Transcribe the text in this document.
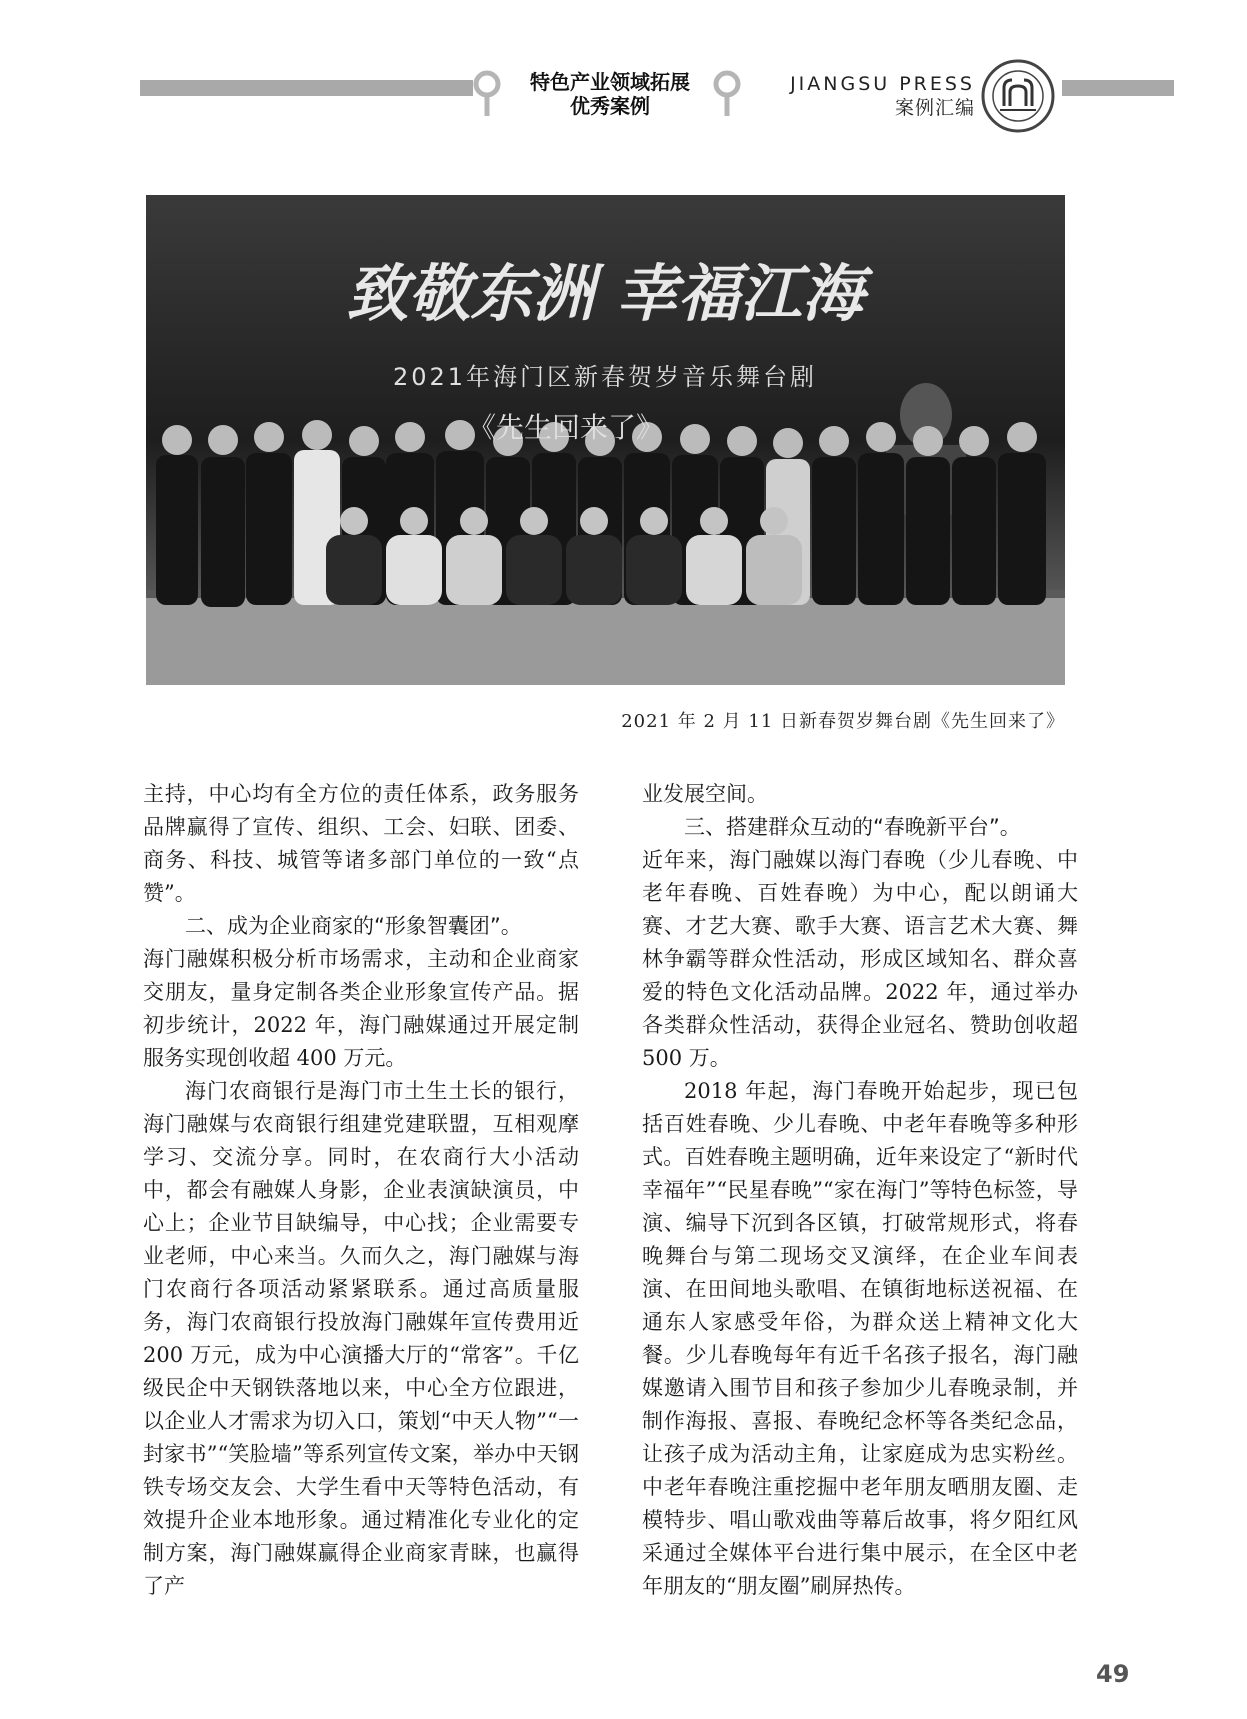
特色产业领域拓展
优秀案例
JIANGSU PRESS
案例汇编
致敬东洲 幸福江海
2021年海门区新春贺岁音乐舞台剧
《先生回来了》
2021 年 2 月 11 日新春贺岁舞台剧《先生回来了》

主持，中心均有全方位的责任体系，政务服务品牌赢得了宣传、组织、工会、妇联、团委、商务、科技、城管等诸多部门单位的一致“点赞”。

二、成为企业商家的“形象智囊团”。

海门融媒积极分析市场需求，主动和企业商家交朋友，量身定制各类企业形象宣传产品。据初步统计，2022 年，海门融媒通过开展定制服务实现创收超 400 万元。

海门农商银行是海门市土生土长的银行，海门融媒与农商银行组建党建联盟，互相观摩学习、交流分享。同时，在农商行大小活动中，都会有融媒人身影，企业表演缺演员，中心上；企业节目缺编导，中心找；企业需要专业老师，中心来当。久而久之，海门融媒与海门农商行各项活动紧紧联系。通过高质量服务，海门农商银行投放海门融媒年宣传费用近 200 万元，成为中心演播大厅的“常客”。千亿级民企中天钢铁落地以来，中心全方位跟进，以企业人才需求为切入口，策划“中天人物”“一封家书”“笑脸墙”等系列宣传文案，举办中天钢铁专场交友会、大学生看中天等特色活动，有效提升企业本地形象。通过精准化专业化的定制方案，海门融媒赢得企业商家青睐，也赢得了产

业发展空间。

三、搭建群众互动的“春晚新平台”。

近年来，海门融媒以海门春晚（少儿春晚、中老年春晚、百姓春晚）为中心，配以朗诵大赛、才艺大赛、歌手大赛、语言艺术大赛、舞林争霸等群众性活动，形成区域知名、群众喜爱的特色文化活动品牌。2022 年，通过举办各类群众性活动，获得企业冠名、赞助创收超 500 万。

2018 年起，海门春晚开始起步，现已包括百姓春晚、少儿春晚、中老年春晚等多种形式。百姓春晚主题明确，近年来设定了“新时代 幸福年”“民星春晚”“家在海门”等特色标签，导演、编导下沉到各区镇，打破常规形式，将春晚舞台与第二现场交叉演绎，在企业车间表演、在田间地头歌唱、在镇街地标送祝福、在通东人家感受年俗，为群众送上精神文化大餐。少儿春晚每年有近千名孩子报名，海门融媒邀请入围节目和孩子参加少儿春晚录制，并制作海报、喜报、春晚纪念杯等各类纪念品，让孩子成为活动主角，让家庭成为忠实粉丝。中老年春晚注重挖掘中老年朋友晒朋友圈、走模特步、唱山歌戏曲等幕后故事，将夕阳红风采通过全媒体平台进行集中展示，在全区中老年朋友的“朋友圈”刷屏热传。

49
